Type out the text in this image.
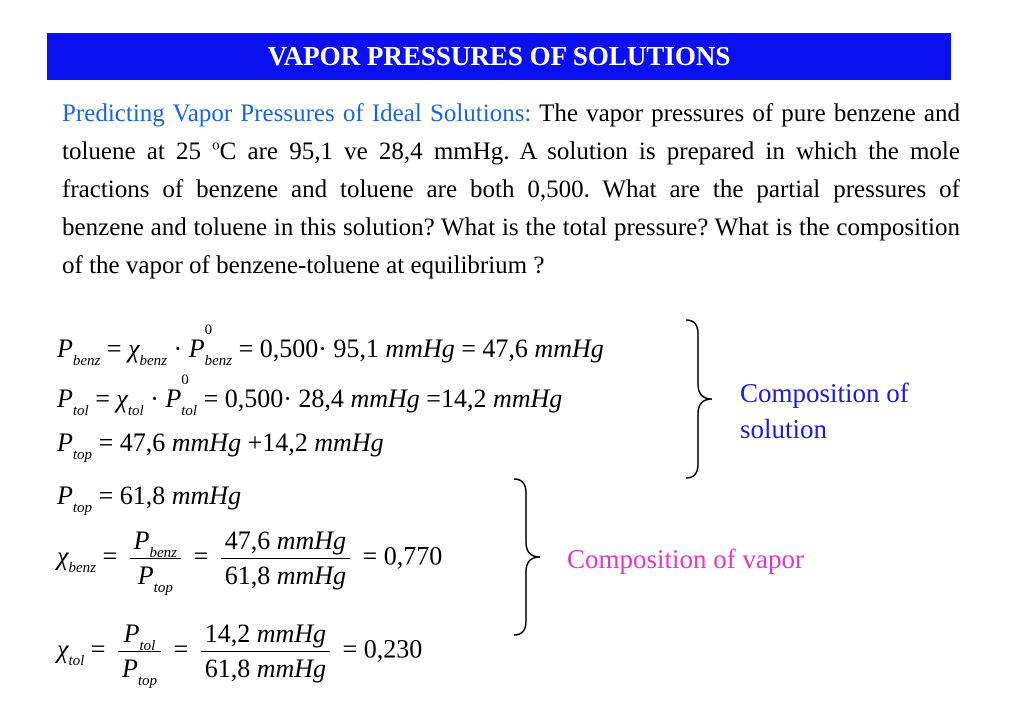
VAPOR PRESSURES OF SOLUTIONS
Predicting Vapor Pressures of Ideal Solutions: The vapor pressures of pure benzene and toluene at 25 $^o$C are 95,1 ve 28,4 mmHg. A solution is prepared in which the mole fractions of benzene and toluene are both 0,500. What are the partial pressures of benzene and toluene in this solution? What is the total pressure? What is the composition of the vapor of benzene-toluene at equilibrium ?
$P_{benz} = \chi_{benz} \cdot P$
0
$_{benz}$ = 0,500· 95,1 mmHg = 47,6 mmHg
$P_{tol} = \chi_{tol} \cdot P$
0
$_{tol}$ = 0,500· 28,4 mmHg =14,2 mmHg
$P_{top} = 47,6$ mmHg +14,2 mmHg
$P_{top} = 61,8$ mmHg
$\chi_{benz} = \frac{P_{benz}}{P_{top}} = \frac{\text{47,6 mmHg}}{\text{61,8 mmHg}} = 0,770$
$\chi_{tol} = \frac{P_{tol}}{P_{top}} = \frac{\text{14,2 mmHg}}{\text{61,8 mmHg}} = 0,230$
Composition of solution
Composition of vapor
